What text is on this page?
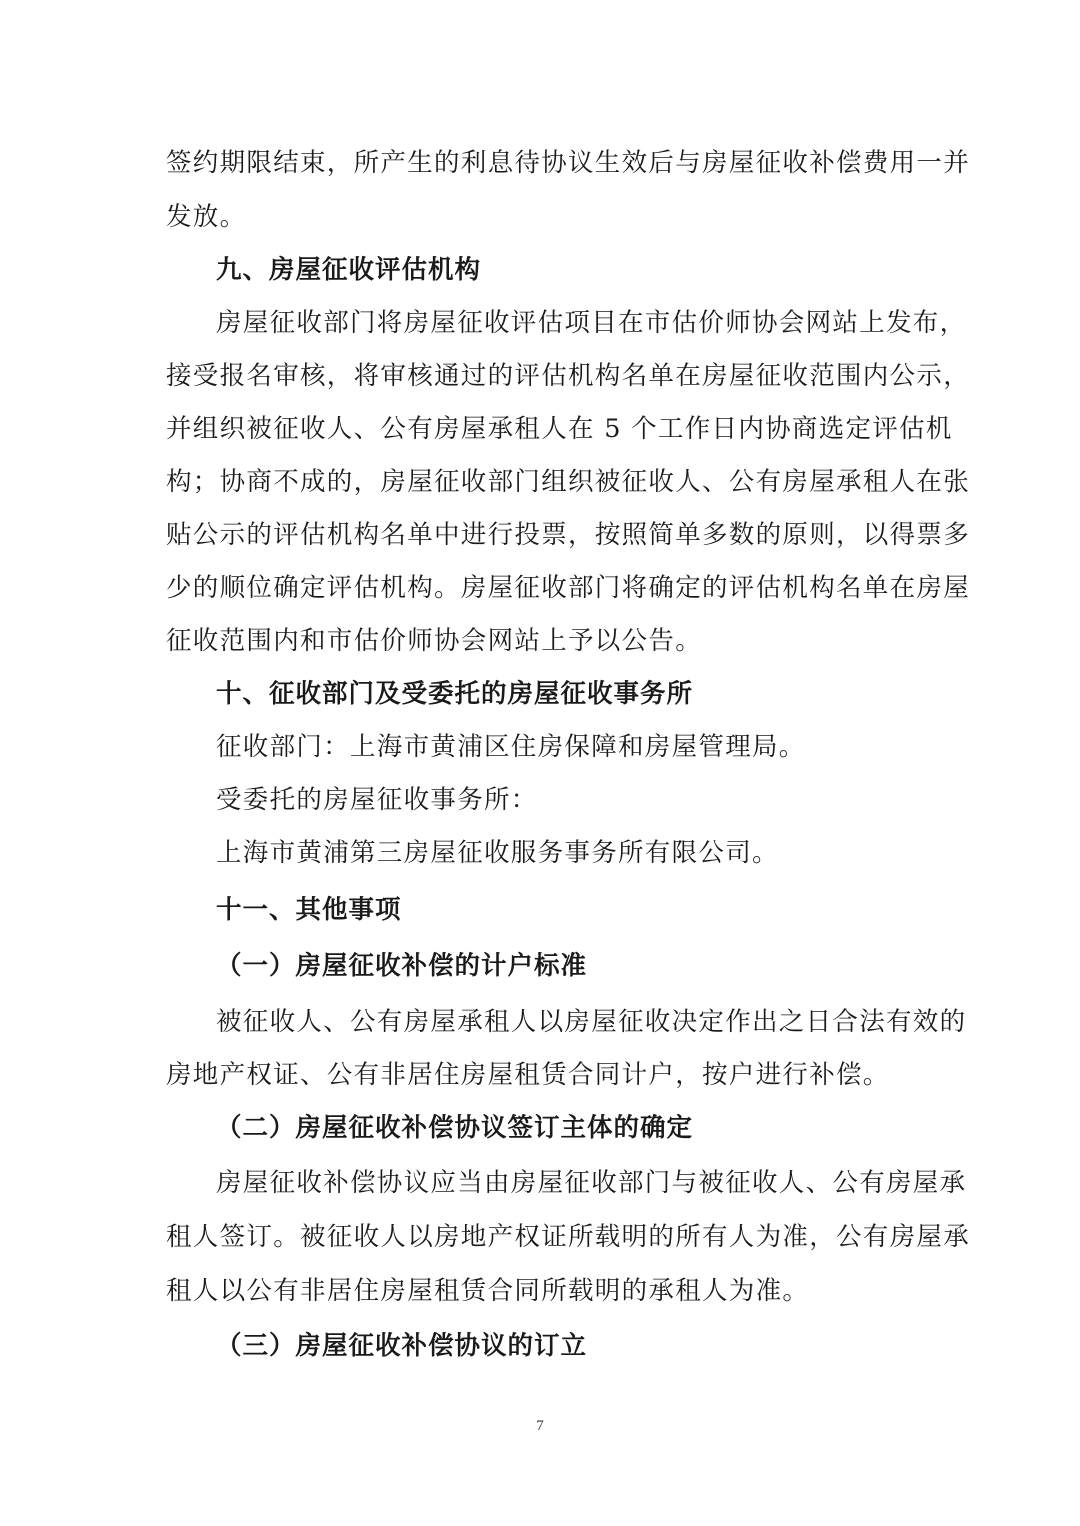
签约期限结束，所产生的利息待协议生效后与房屋征收补偿费用一并
发放。
九、房屋征收评估机构
房屋征收部门将房屋征收评估项目在市估价师协会网站上发布，
接受报名审核，将审核通过的评估机构名单在房屋征收范围内公示，
并组织被征收人、公有房屋承租人在 5 个工作日内协商选定评估机
构；协商不成的，房屋征收部门组织被征收人、公有房屋承租人在张
贴公示的评估机构名单中进行投票，按照简单多数的原则，以得票多
少的顺位确定评估机构。房屋征收部门将确定的评估机构名单在房屋
征收范围内和市估价师协会网站上予以公告。
十、征收部门及受委托的房屋征收事务所
征收部门：上海市黄浦区住房保障和房屋管理局。
受委托的房屋征收事务所：
上海市黄浦第三房屋征收服务事务所有限公司。
十一、其他事项
（一）房屋征收补偿的计户标准
被征收人、公有房屋承租人以房屋征收决定作出之日合法有效的
房地产权证、公有非居住房屋租赁合同计户，按户进行补偿。
（二）房屋征收补偿协议签订主体的确定
房屋征收补偿协议应当由房屋征收部门与被征收人、公有房屋承
租人签订。被征收人以房地产权证所载明的所有人为准，公有房屋承
租人以公有非居住房屋租赁合同所载明的承租人为准。
（三）房屋征收补偿协议的订立
7
